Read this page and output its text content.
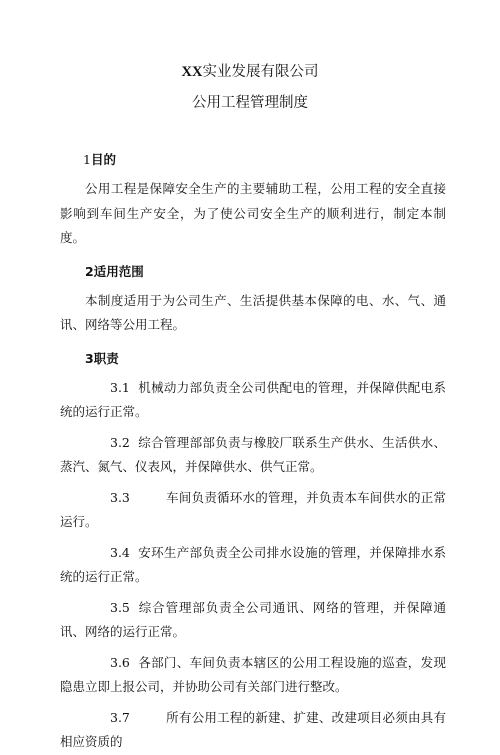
XX实业发展有限公司
公用工程管理制度

1目的

公用工程是保障安全生产的主要辅助工程，公用工程的安全直接影响到车间生产安全，为了使公司安全生产的顺利进行，制定本制度。

2适用范围

本制度适用于为公司生产、生活提供基本保障的电、水、气、通讯、网络等公用工程。

3职责

3.1 机械动力部负责全公司供配电的管理，并保障供配电系统的运行正常。

3.2 综合管理部部负责与橡胶厂联系生产供水、生活供水、蒸汽、氮气、仪表风，并保障供水、供气正常。

3.3	车间负责循环水的管理，并负责本车间供水的正常运行。

3.4 安环生产部负责全公司排水设施的管理，并保障排水系统的运行正常。

3.5 综合管理部负责全公司通讯、网络的管理，并保障通讯、网络的运行正常。

3.6 各部门、车间负责本辖区的公用工程设施的巡查，发现隐患立即上报公司，并协助公司有关部门进行整改。

3.7	所有公用工程的新建、扩建、改建项目必须由具有相应资质的
